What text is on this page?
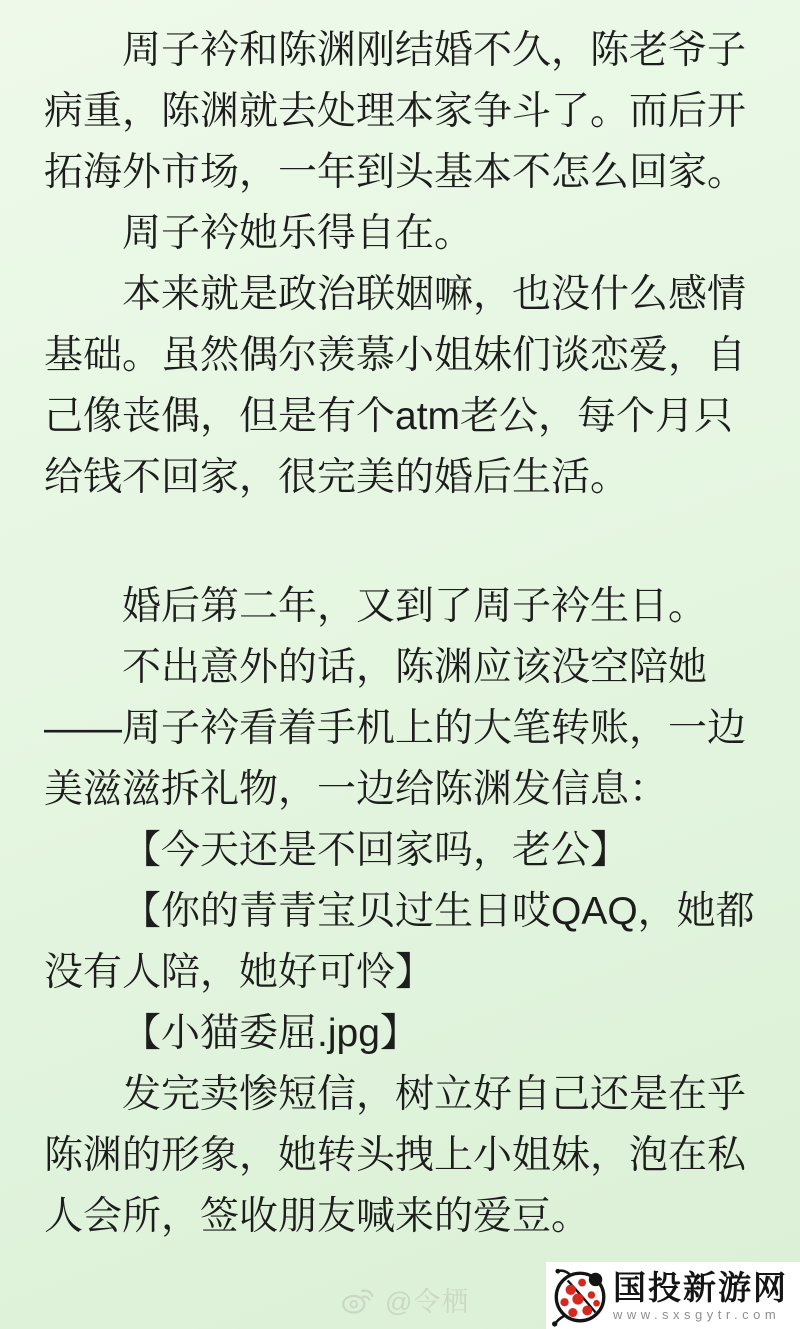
周子衿和陈渊刚结婚不久，陈老爷子病重，陈渊就去处理本家争斗了。而后开拓海外市场，一年到头基本不怎么回家。

周子衿她乐得自在。

本来就是政治联姻嘛，也没什么感情基础。虽然偶尔羡慕小姐妹们谈恋爱，自己像丧偶，但是有个atm老公，每个月只给钱不回家，很完美的婚后生活。

婚后第二年，又到了周子衿生日。

不出意外的话，陈渊应该没空陪她——周子衿看着手机上的大笔转账，一边美滋滋拆礼物，一边给陈渊发信息：

【今天还是不回家吗，老公】

【你的青青宝贝过生日哎QAQ，她都没有人陪，她好可怜】

【小猫委屈.jpg】

发完卖惨短信，树立好自己还是在乎陈渊的形象，她转头拽上小姐妹，泡在私人会所，签收朋友喊来的爱豆。

@令栖	国投新游网
www.sxsgytr.com
